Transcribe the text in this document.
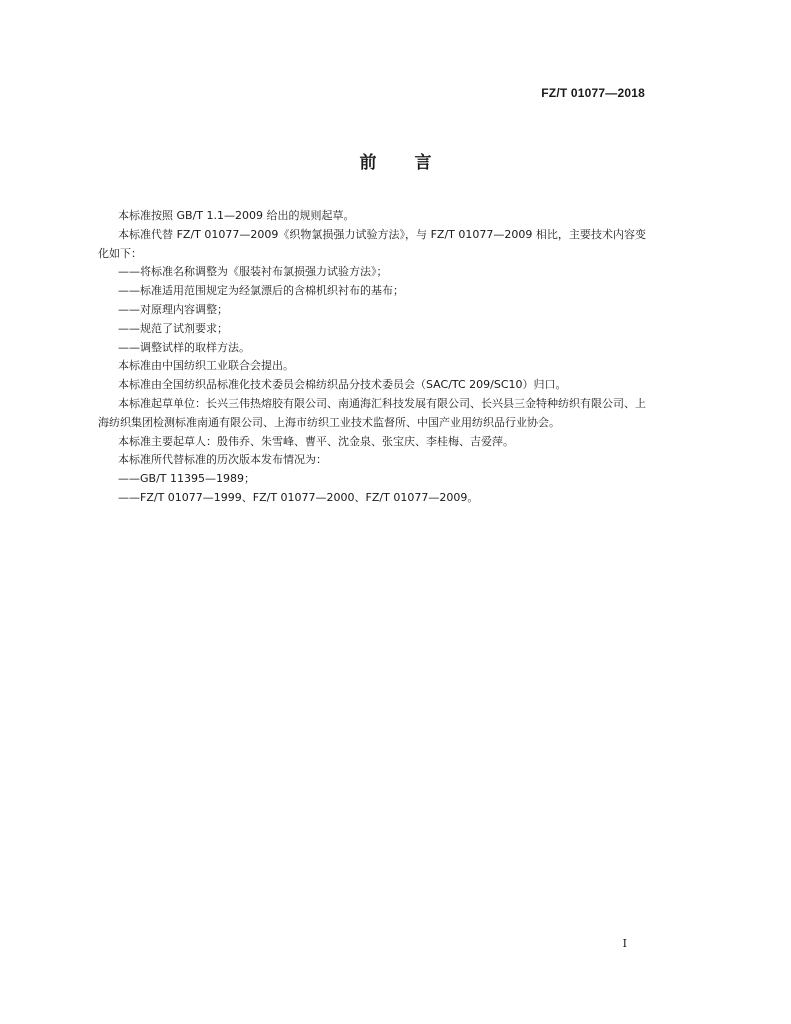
FZ/T 01077—2018
前言

本标准按照 GB/T 1.1—2009 给出的规则起草。

本标准代替 FZ/T 01077—2009《织物氯损强力试验方法》，与 FZ/T 01077—2009 相比，主要技术内容变化如下：

——将标准名称调整为《服装衬布氯损强力试验方法》；

——标准适用范围规定为经氯漂后的含棉机织衬布的基布；

——对原理内容调整；

——规范了试剂要求；

——调整试样的取样方法。

本标准由中国纺织工业联合会提出。

本标准由全国纺织品标准化技术委员会棉纺织品分技术委员会（SAC/TC 209/SC10）归口。

本标准起草单位：长兴三伟热熔胶有限公司、南通海汇科技发展有限公司、长兴县三金特种纺织有限公司、上海纺织集团检测标准南通有限公司、上海市纺织工业技术监督所、中国产业用纺织品行业协会。

本标准主要起草人：殷伟乔、朱雪峰、曹平、沈金泉、张宝庆、李桂梅、吉爱萍。

本标准所代替标准的历次版本发布情况为：

——GB/T 11395—1989；

——FZ/T 01077—1999、FZ/T 01077—2000、FZ/T 01077—2009。

I
